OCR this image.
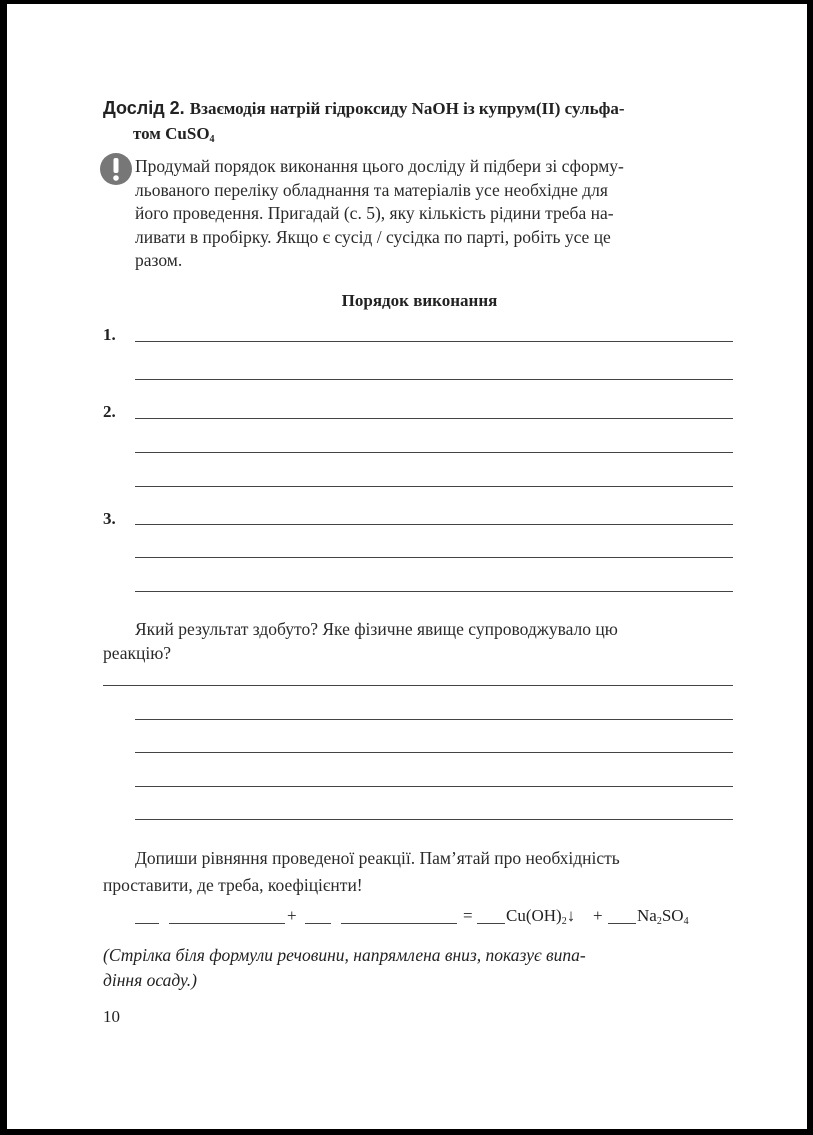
Дослід 2. Взаємодія натрій гідроксиду NaOH із купрум(II) сульфа-
том CuSO$_4$
Продумай порядок виконання цього досліду й підбери зі сформу-
льованого переліку обладнання та матеріалів усе необхідне для
його проведення. Пригадай (с. 5), яку кількість рідини треба на-
ливати в пробірку. Якщо є сусід / сусідка по парті, робіть усе це
разом.
Порядок виконання
1.
2.
3.
Який результат здобуто? Яке фізичне явище супроводжувало цю
реакцію?
Допиши рівняння проведеної реакції. Пам’ятай про необхідність
проставити, де треба, коефіцієнти!
+	= $Cu(OH)_2↓ + Na_2SO_4$
(Стрілка біля формули речовини, напрямлена вниз, показує випа-
діння осаду.)
10
